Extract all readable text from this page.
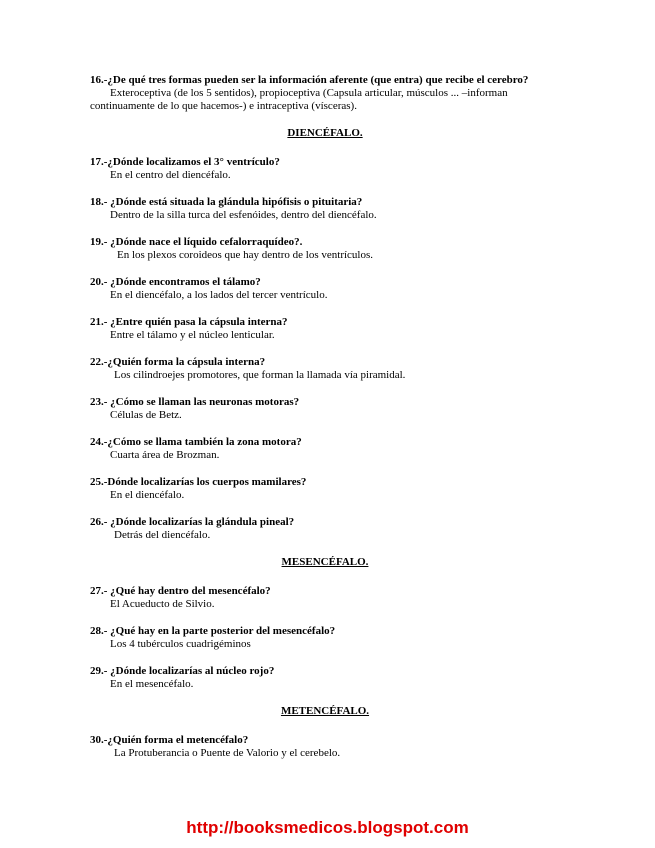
16.-¿De qué tres formas pueden ser la información aferente (que entra) que recibe el cerebro?
Exteroceptiva (de los 5 sentidos), propioceptiva (Capsula articular, músculos ... –informan continuamente de lo que hacemos-) e intraceptiva (vísceras).
DIENCÉFALO.
17.-¿Dónde localizamos el 3° ventrículo?
En el centro del diencéfalo.
18.- ¿Dónde está situada la glándula hipófisis o pituitaria?
Dentro de la silla turca del esfenóides, dentro del diencéfalo.
19.- ¿Dónde nace el líquido cefalorraquídeo?.
En los plexos coroideos que hay dentro de los ventrículos.
20.- ¿Dónde encontramos el tálamo?
En el diencéfalo, a los lados del tercer ventrículo.
21.- ¿Entre quién pasa la cápsula interna?
Entre el tálamo y el núcleo lenticular.
22.-¿Quién forma la cápsula interna?
Los cilindroejes promotores, que forman la llamada vía piramidal.
23.- ¿Cómo se llaman las neuronas motoras?
Células de Betz.
24.-¿Cómo se llama también la zona motora?
Cuarta área de Brozman.
25.-Dónde localizarías los cuerpos mamilares?
En el diencéfalo.
26.- ¿Dónde localizarías la glándula pineal?
Detrás del diencéfalo.
MESENCÉFALO.
27.- ¿Qué hay dentro del mesencéfalo?
El Acueducto de Silvio.
28.- ¿Qué hay en la parte posterior del mesencéfalo?
Los 4 tubérculos cuadrigéminos
29.- ¿Dónde localizarías al núcleo rojo?
En el mesencéfalo.
METENCÉFALO.
30.-¿Quién forma el metencéfalo?
La Protuberancia o Puente de Valorio y el cerebelo.
http://booksmedicos.blogspot.com
